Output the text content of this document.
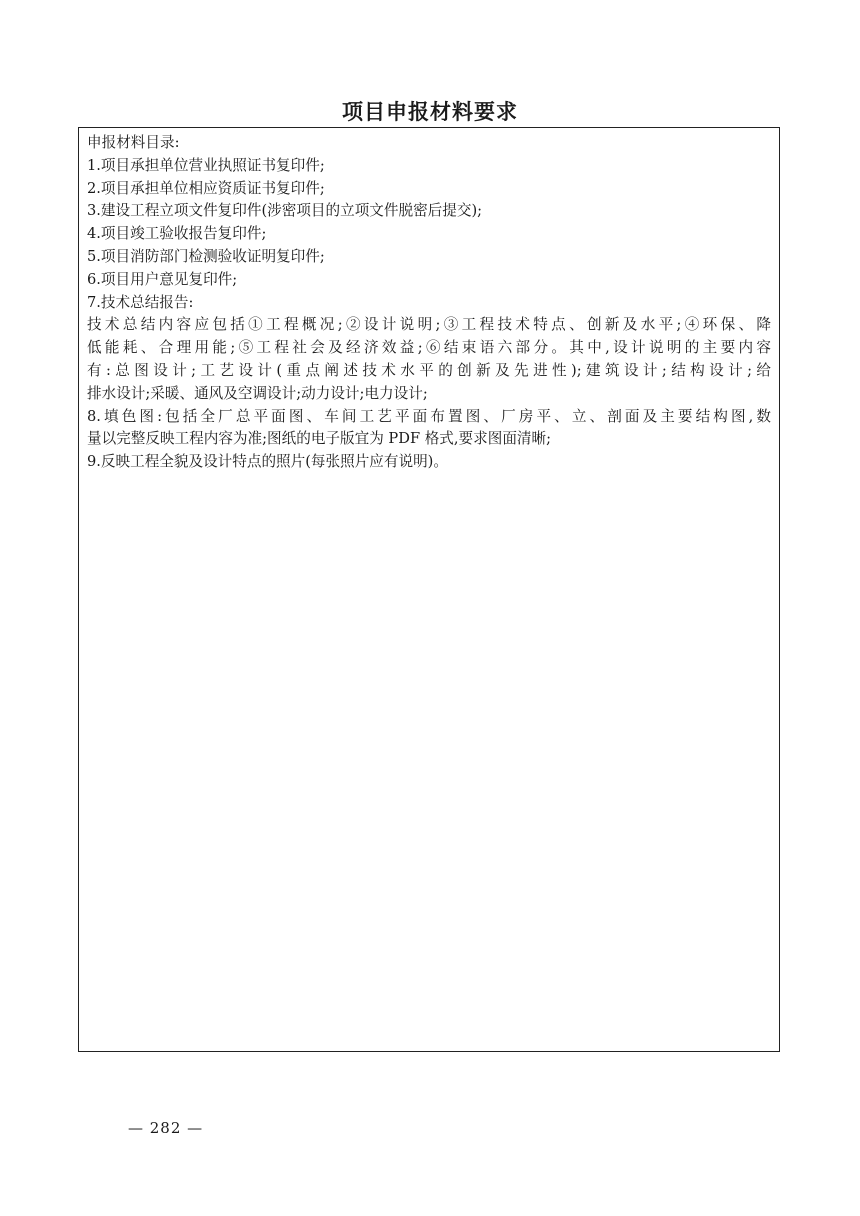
项目申报材料要求
申报材料目录:
1.项目承担单位营业执照证书复印件;
2.项目承担单位相应资质证书复印件;
3.建设工程立项文件复印件(涉密项目的立项文件脱密后提交);
4.项目竣工验收报告复印件;
5.项目消防部门检测验收证明复印件;
6.项目用户意见复印件;
7.技术总结报告:
技术总结内容应包括①工程概况;②设计说明;③工程技术特点、创新及水平;④环保、降
低能耗、合理用能;⑤工程社会及经济效益;⑥结束语六部分。其中,设计说明的主要内容
有:总图设计;工艺设计(重点阐述技术水平的创新及先进性);建筑设计;结构设计;给
排水设计;采暖、通风及空调设计;动力设计;电力设计;
8.填色图:包括全厂总平面图、车间工艺平面布置图、厂房平、立、剖面及主要结构图,数
量以完整反映工程内容为准;图纸的电子版宜为 PDF 格式,要求图面清晰;
9.反映工程全貌及设计特点的照片(每张照片应有说明)。
— 282 —
